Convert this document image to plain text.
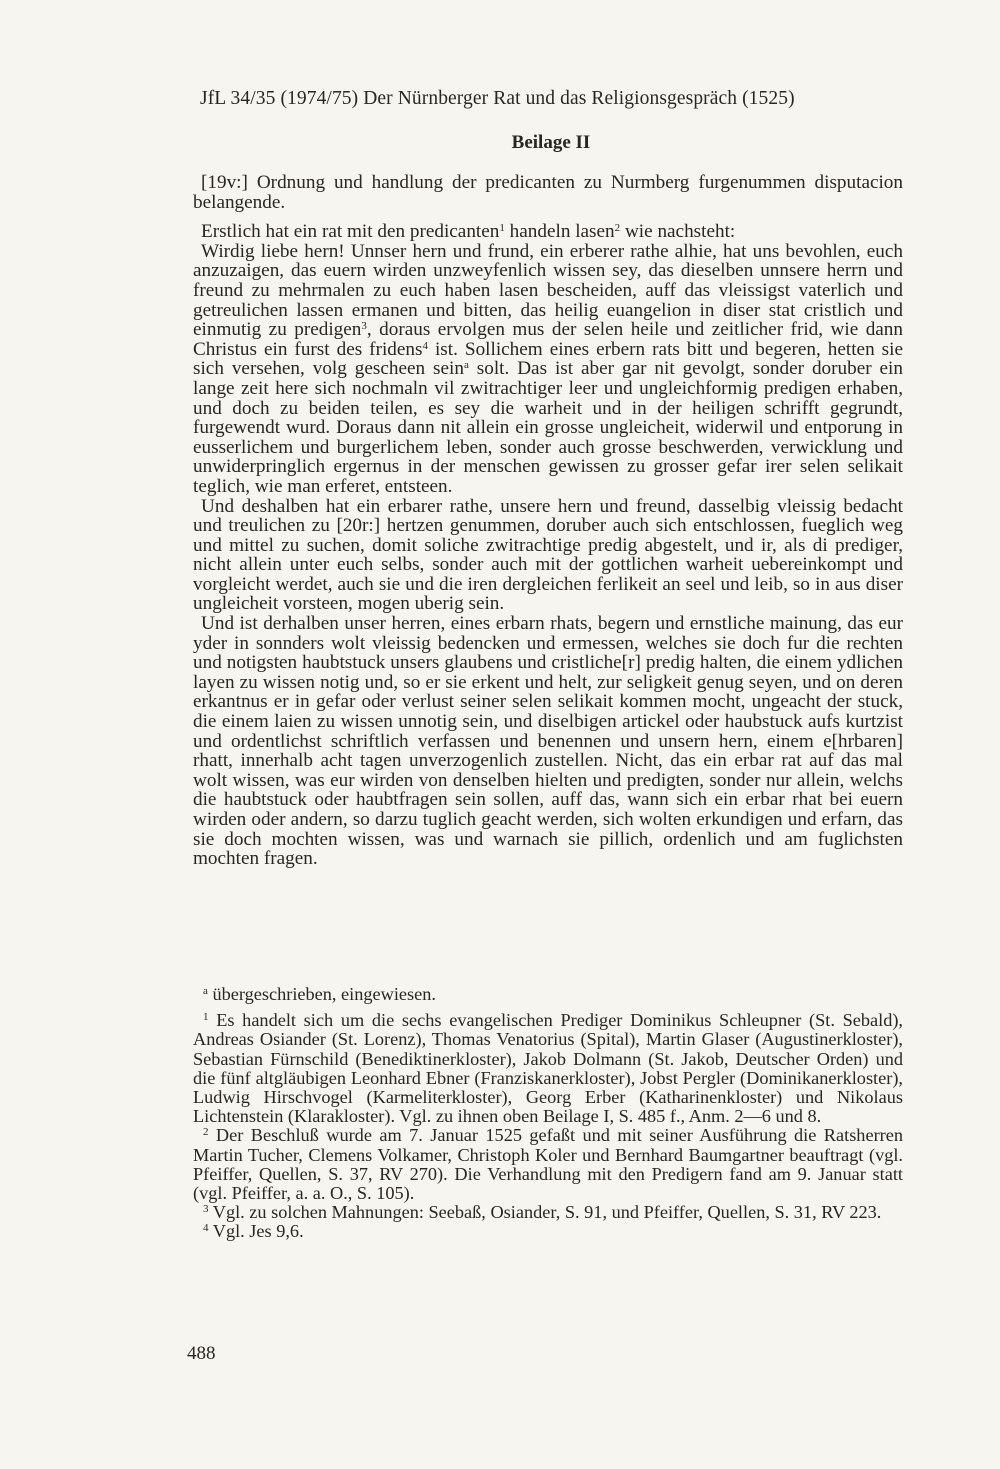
JfL 34/35 (1974/75) Der Nürnberger Rat und das Religionsgespräch (1525)
Beilage II

[19v:] Ordnung und handlung der predicanten zu Nurmberg furgenummen disputacion belangende.

Erstlich hat ein rat mit den predicanten$^1$ handeln lasen$^2$ wie nachsteht:

Wirdig liebe hern! Unnser hern und frund, ein erberer rathe alhie, hat uns bevohlen, euch anzuzaigen, das euern wirden unzweyfenlich wissen sey, das dieselben unnsere herrn und freund zu mehrmalen zu euch haben lasen bescheiden, auff das vleissigst vaterlich und getreulichen lassen ermanen und bitten, das heilig euangelion in diser stat cristlich und einmutig zu predigen$^3$, doraus ervolgen mus der selen heile und zeitlicher frid, wie dann Christus ein furst des fridens$^4$ ist. Sollichem eines erbern rats bitt und begeren, hetten sie sich versehen, volg gescheen sein$^a$ solt. Das ist aber gar nit gevolgt, sonder doruber ein lange zeit here sich nochmaln vil zwitrachtiger leer und ungleichformig predigen erhaben, und doch zu beiden teilen, es sey die warheit und in der heiligen schrifft gegrundt, furgewendt wurd. Doraus dann nit allein ein grosse ungleicheit, widerwil und entporung in eusserlichem und burgerlichem leben, sonder auch grosse beschwerden, verwicklung und unwiderpringlich ergernus in der menschen gewissen zu grosser gefar irer selen selikait teglich, wie man erferet, entsteen.

Und deshalben hat ein erbarer rathe, unsere hern und freund, dasselbig vleissig bedacht und treulichen zu [20r:] hertzen genummen, doruber auch sich entschlossen, fueglich weg und mittel zu suchen, domit soliche zwitrachtige predig abgestelt, und ir, als di prediger, nicht allein unter euch selbs, sonder auch mit der gottlichen warheit uebereinkompt und vorgleicht werdet, auch sie und die iren dergleichen ferlikeit an seel und leib, so in aus diser ungleicheit vorsteen, mogen uberig sein.

Und ist derhalben unser herren, eines erbarn rhats, begern und ernstliche mainung, das eur yder in sonnders wolt vleissig bedencken und ermessen, welches sie doch fur die rechten und notigsten haubtstuck unsers glaubens und cristliche[r] predig halten, die einem ydlichen layen zu wissen notig und, so er sie erkent und helt, zur seligkeit genug seyen, und on deren erkantnus er in gefar oder verlust seiner selen selikait kommen mocht, ungeacht der stuck, die einem laien zu wissen unnotig sein, und diselbigen artickel oder haubstuck aufs kurtzist und ordentlichst schriftlich verfassen und benennen und unsern hern, einem e[hrbaren] rhatt, innerhalb acht tagen unverzogenlich zustellen. Nicht, das ein erbar rat auf das mal wolt wissen, was eur wirden von denselben hielten und predigten, sonder nur allein, welchs die haubtstuck oder haubtfragen sein sollen, auff das, wann sich ein erbar rhat bei euern wirden oder andern, so darzu tuglich geacht werden, sich wolten erkundigen und erfarn, das sie doch mochten wissen, was und warnach sie pillich, ordenlich und am fuglichsten mochten fragen.

$^a$ übergeschrieben, eingewiesen.

$^1$ Es handelt sich um die sechs evangelischen Prediger Dominikus Schleupner (St. Sebald), Andreas Osiander (St. Lorenz), Thomas Venatorius (Spital), Martin Glaser (Augustinerkloster), Sebastian Fürnschild (Benediktinerkloster), Jakob Dolmann (St. Jakob, Deutscher Orden) und die fünf altgläubigen Leonhard Ebner (Franziskanerkloster), Jobst Pergler (Dominikanerkloster), Ludwig Hirschvogel (Karmeliterkloster), Georg Erber (Katharinenkloster) und Nikolaus Lichtenstein (Klarakloster). Vgl. zu ihnen oben Beilage I, S. 485 f., Anm. 2—6 und 8.

$^2$ Der Beschluß wurde am 7. Januar 1525 gefaßt und mit seiner Ausführung die Ratsherren Martin Tucher, Clemens Volkamer, Christoph Koler und Bernhard Baumgartner beauftragt (vgl. Pfeiffer, Quellen, S. 37, RV 270). Die Verhandlung mit den Predigern fand am 9. Januar statt (vgl. Pfeiffer, a. a. O., S. 105).

$^3$ Vgl. zu solchen Mahnungen: Seebaß, Osiander, S. 91, und Pfeiffer, Quellen, S. 31, RV 223.

$^4$ Vgl. Jes 9,6.

488
